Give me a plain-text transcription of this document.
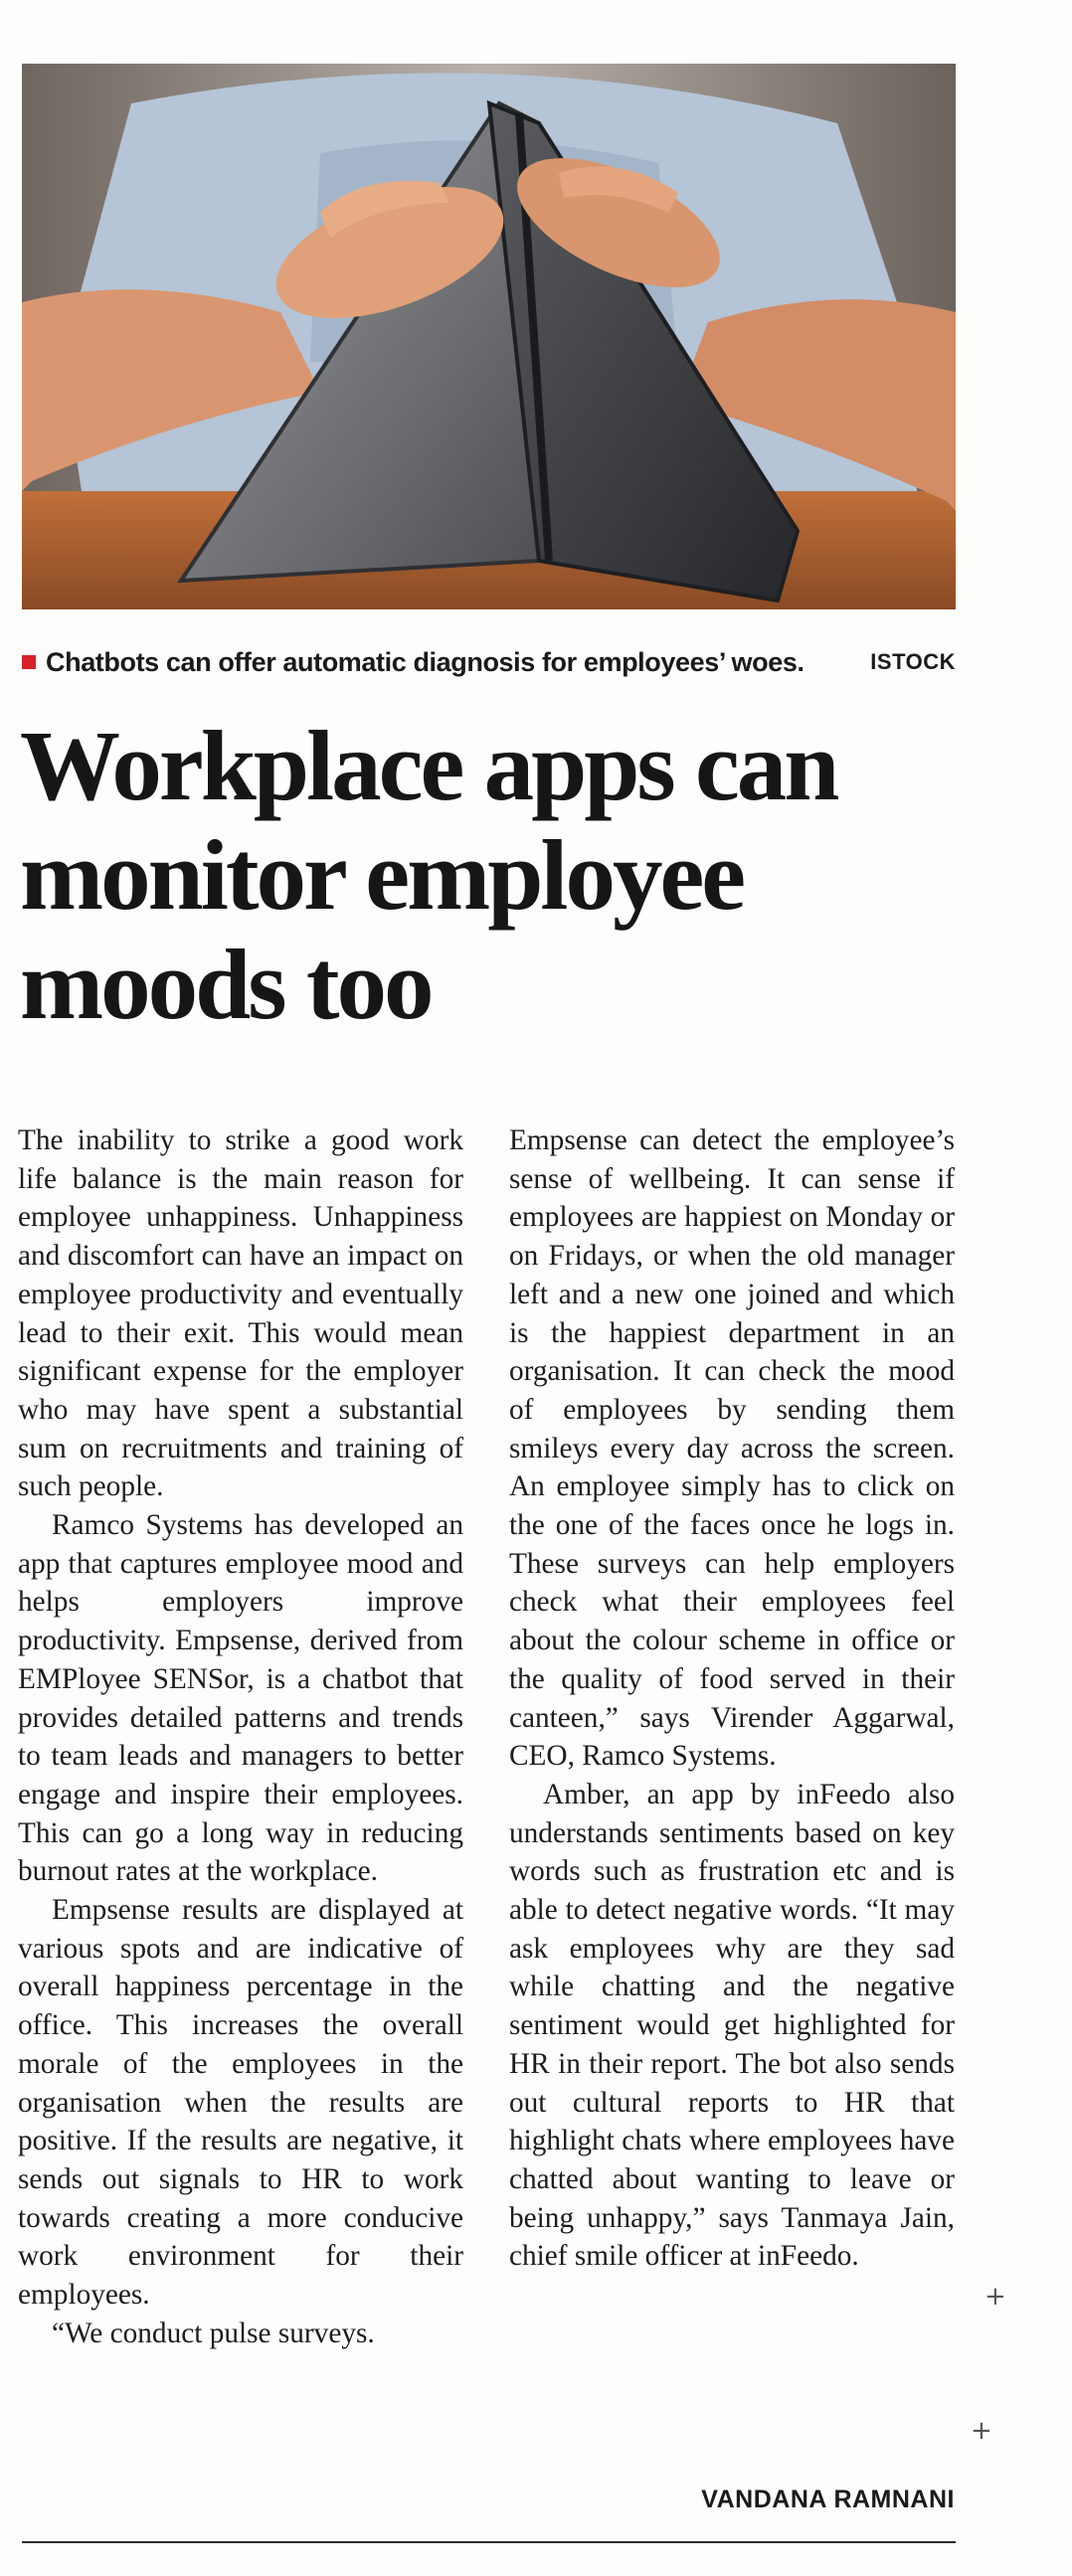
Chatbots can offer automatic diagnosis for employees’ woes.	ISTOCK
Workplace apps can
monitor employee
moods too

The inability to strike a good work life balance is the main reason for employee unhappiness. Unhappiness and discomfort can have an impact on employee productivity and eventually lead to their exit. This would mean significant expense for the employer who may have spent a substantial sum on recruitments and training of such people.

Ramco Systems has developed an app that captures employee mood and helps employers improve productivity. Empsense, derived from EMPloyee SENSor, is a chatbot that provides detailed patterns and trends to team leads and managers to better engage and inspire their employees. This can go a long way in reducing burnout rates at the workplace.

Empsense results are displayed at various spots and are indicative of overall happiness percentage in the office. This increases the overall morale of the employees in the organisation when the results are positive. If the results are negative, it sends out signals to HR to work towards creating a more conducive work environment for their employees.

“We conduct pulse surveys.

Empsense can detect the employee’s sense of wellbeing. It can sense if employees are happiest on Monday or on Fridays, or when the old manager left and a new one joined and which is the happiest department in an organisation. It can check the mood of employees by sending them smileys every day across the screen. An employee simply has to click on the one of the faces once he logs in. These surveys can help employers check what their employees feel about the colour scheme in office or the quality of food served in their canteen,” says Virender Aggarwal, CEO, Ramco Systems.

Amber, an app by inFeedo also understands sentiments based on key words such as frustration etc and is able to detect negative words. “It may ask employees why are they sad while chatting and the negative sentiment would get highlighted for HR in their report. The bot also sends out cultural reports to HR that highlight chats where employees have chatted about wanting to leave or being unhappy,” says Tanmaya Jain, chief smile officer at inFeedo.

VANDANA RAMNANI
+
+
